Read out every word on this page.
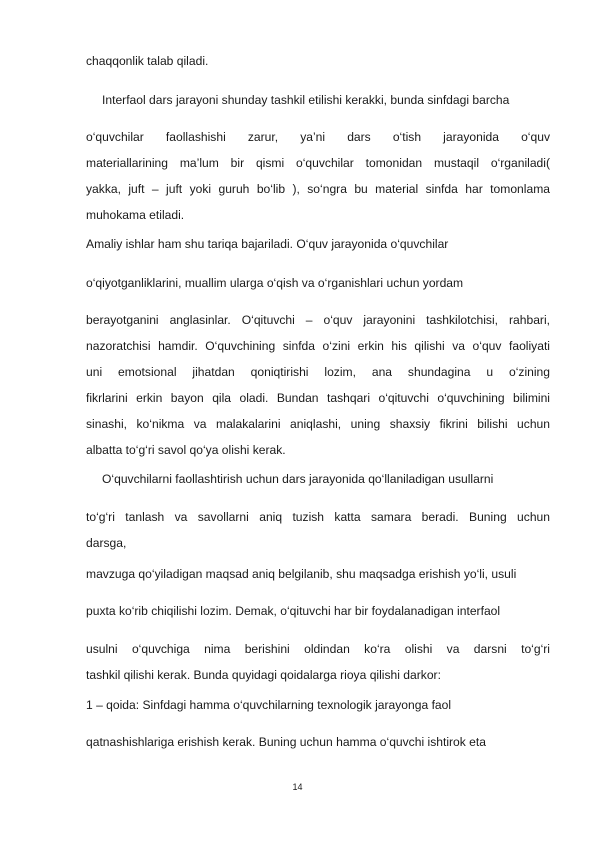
chaqqonlik talab qiladi.
Interfaol dars jarayoni shunday tashkil etilishi kerakki, bunda sinfdagi barcha
o‘quvchilar faollashishi zarur, ya’ni dars o‘tish jarayonida o‘quv
materiallarining ma’lum bir qismi o‘quvchilar tomonidan mustaqil o‘rganiladi(
yakka, juft – juft yoki guruh bo‘lib ), so‘ngra bu material sinfda har tomonlama
muhokama etiladi.
Amaliy ishlar ham shu tariqa bajariladi. O‘quv jarayonida o‘quvchilar
o‘qiyotganliklarini, muallim ularga o‘qish va o‘rganishlari uchun yordam
berayotganini anglasinlar. O‘qituvchi – o‘quv jarayonini tashkilotchisi, rahbari,
nazoratchisi hamdir. O‘quvchining sinfda o‘zini erkin his qilishi va o‘quv faoliyati
uni emotsional jihatdan qoniqtirishi lozim, ana shundagina u o‘zining
fikrlarini erkin bayon qila oladi. Bundan tashqari o‘qituvchi o‘quvchining bilimini
sinashi, ko‘nikma va malakalarini aniqlashi, uning shaxsiy fikrini bilishi uchun
albatta to‘g‘ri savol qo‘ya olishi kerak.
O‘quvchilarni faollashtirish uchun dars jarayonida qo‘llaniladigan usullarni
to‘g‘ri tanlash va savollarni aniq tuzish katta samara beradi. Buning uchun
darsga,
mavzuga qo‘yiladigan maqsad aniq belgilanib, shu maqsadga erishish yo‘li, usuli
puxta ko‘rib chiqilishi lozim. Demak, o‘qituvchi har bir foydalanadigan interfaol
usulni o‘quvchiga nima berishini oldindan ko‘ra olishi va darsni to‘g‘ri
tashkil qilishi kerak. Bunda quyidagi qoidalarga rioya qilishi darkor:
1 – qoida: Sinfdagi hamma o‘quvchilarning texnologik jarayonga faol
qatnashishlariga erishish kerak. Buning uchun hamma o‘quvchi ishtirok eta
14
